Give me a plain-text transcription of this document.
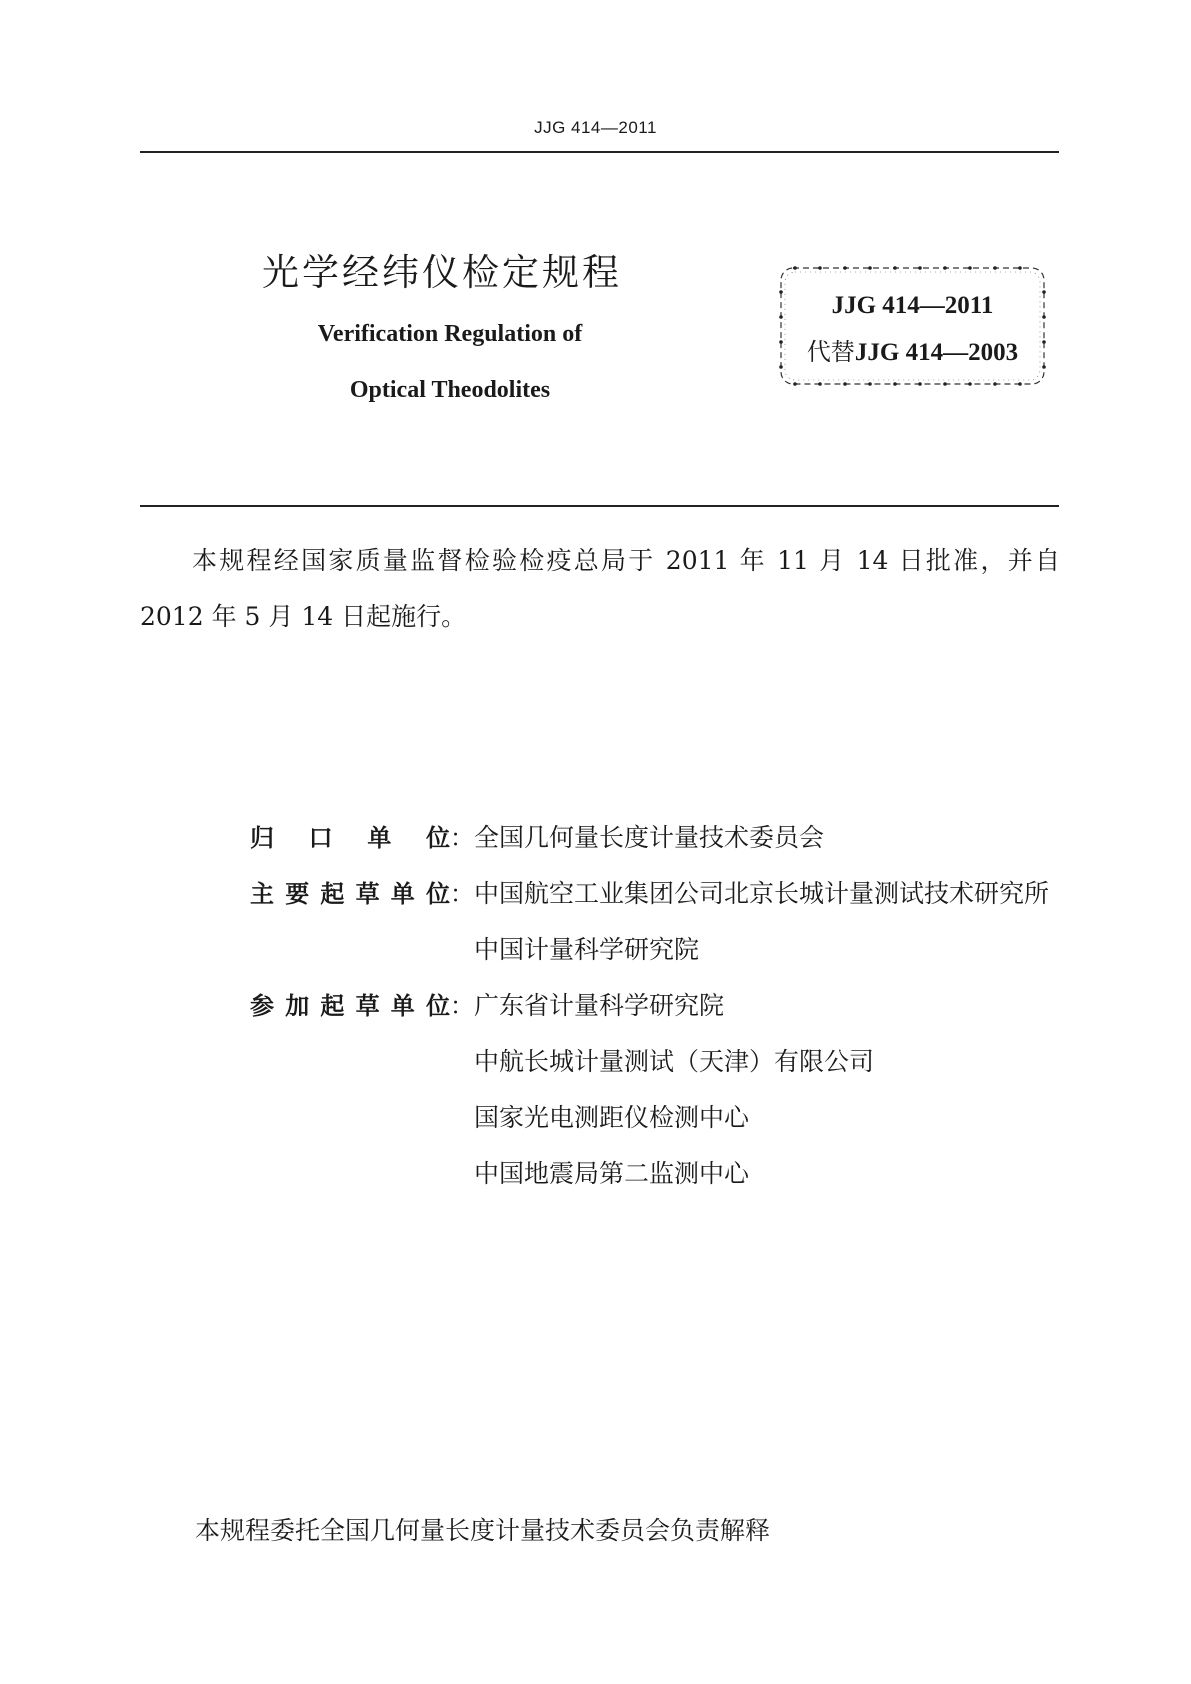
JJG 414—2011
光学经纬仪检定规程
Verification Regulation of
Optical Theodolites
JJG 414—2011
代替JJG 414—2003
本规程经国家质量监督检验检疫总局于 2011 年 11 月 14 日批准，并自 2012 年 5 月 14 日起施行。
归口单位：全国几何量长度计量技术委员会
主要起草单位：中国航空工业集团公司北京长城计量测试技术研究所
中国计量科学研究院
参加起草单位：广东省计量科学研究院
中航长城计量测试（天津）有限公司
国家光电测距仪检测中心
中国地震局第二监测中心
本规程委托全国几何量长度计量技术委员会负责解释
